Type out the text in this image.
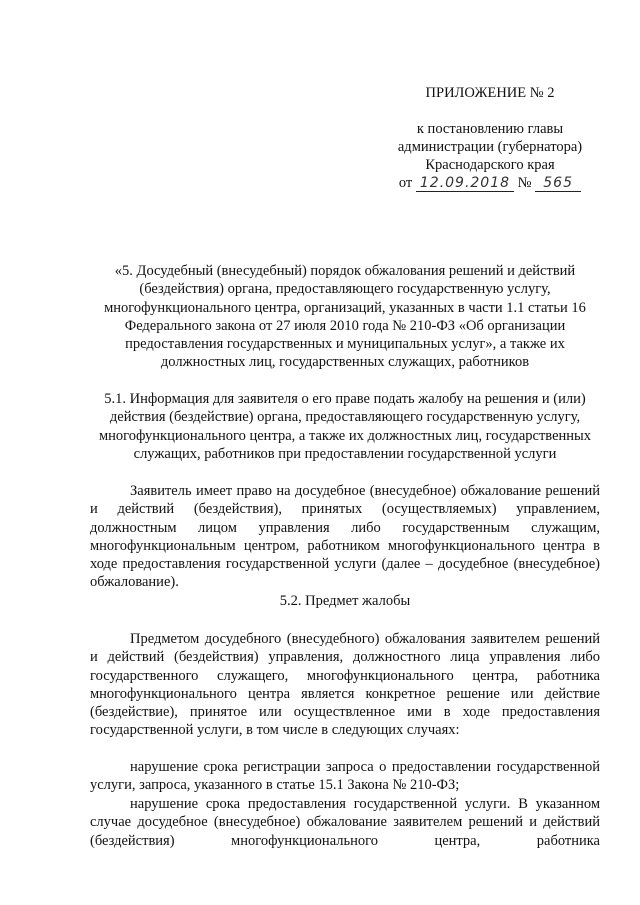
ПРИЛОЖЕНИЕ № 2
к постановлению главы
администрации (губернатора)
Краснодарского края
от 12.09.2018 № 565

«5. Досудебный (внесудебный) порядок обжалования решений и действий (бездействия) органа, предоставляющего государственную услугу, многофункционального центра, организаций, указанных в части 1.1 статьи 16 Федерального закона от 27 июля 2010 года № 210-ФЗ «Об организации предоставления государственных и муниципальных услуг», а также их должностных лиц, государственных служащих, работников

5.1. Информация для заявителя о его праве подать жалобу на решения и (или) действия (бездействие) органа, предоставляющего государственную услугу, многофункционального центра, а также их должностных лиц, государственных служащих, работников при предоставлении государственной услуги

Заявитель имеет право на досудебное (внесудебное) обжалование решений и действий (бездействия), принятых (осуществляемых) управлением, должностным лицом управления либо государственным служащим, многофункциональным центром, работником многофункционального центра в ходе предоставления государственной услуги (далее – досудебное (внесудебное) обжалование).

5.2. Предмет жалобы

Предметом досудебного (внесудебного) обжалования заявителем решений и действий (бездействия) управления, должностного лица управления либо государственного служащего, многофункционального центра, работника многофункционального центра является конкретное решение или действие (бездействие), принятое или осуществленное ими в ходе предоставления государственной услуги, в том числе в следующих случаях:

нарушение срока регистрации запроса о предоставлении государственной услуги, запроса, указанного в статье 15.1 Закона № 210-ФЗ;

нарушение срока предоставления государственной услуги. В указанном случае досудебное (внесудебное) обжалование заявителем решений и действий (бездействия) многофункционального центра, работника
